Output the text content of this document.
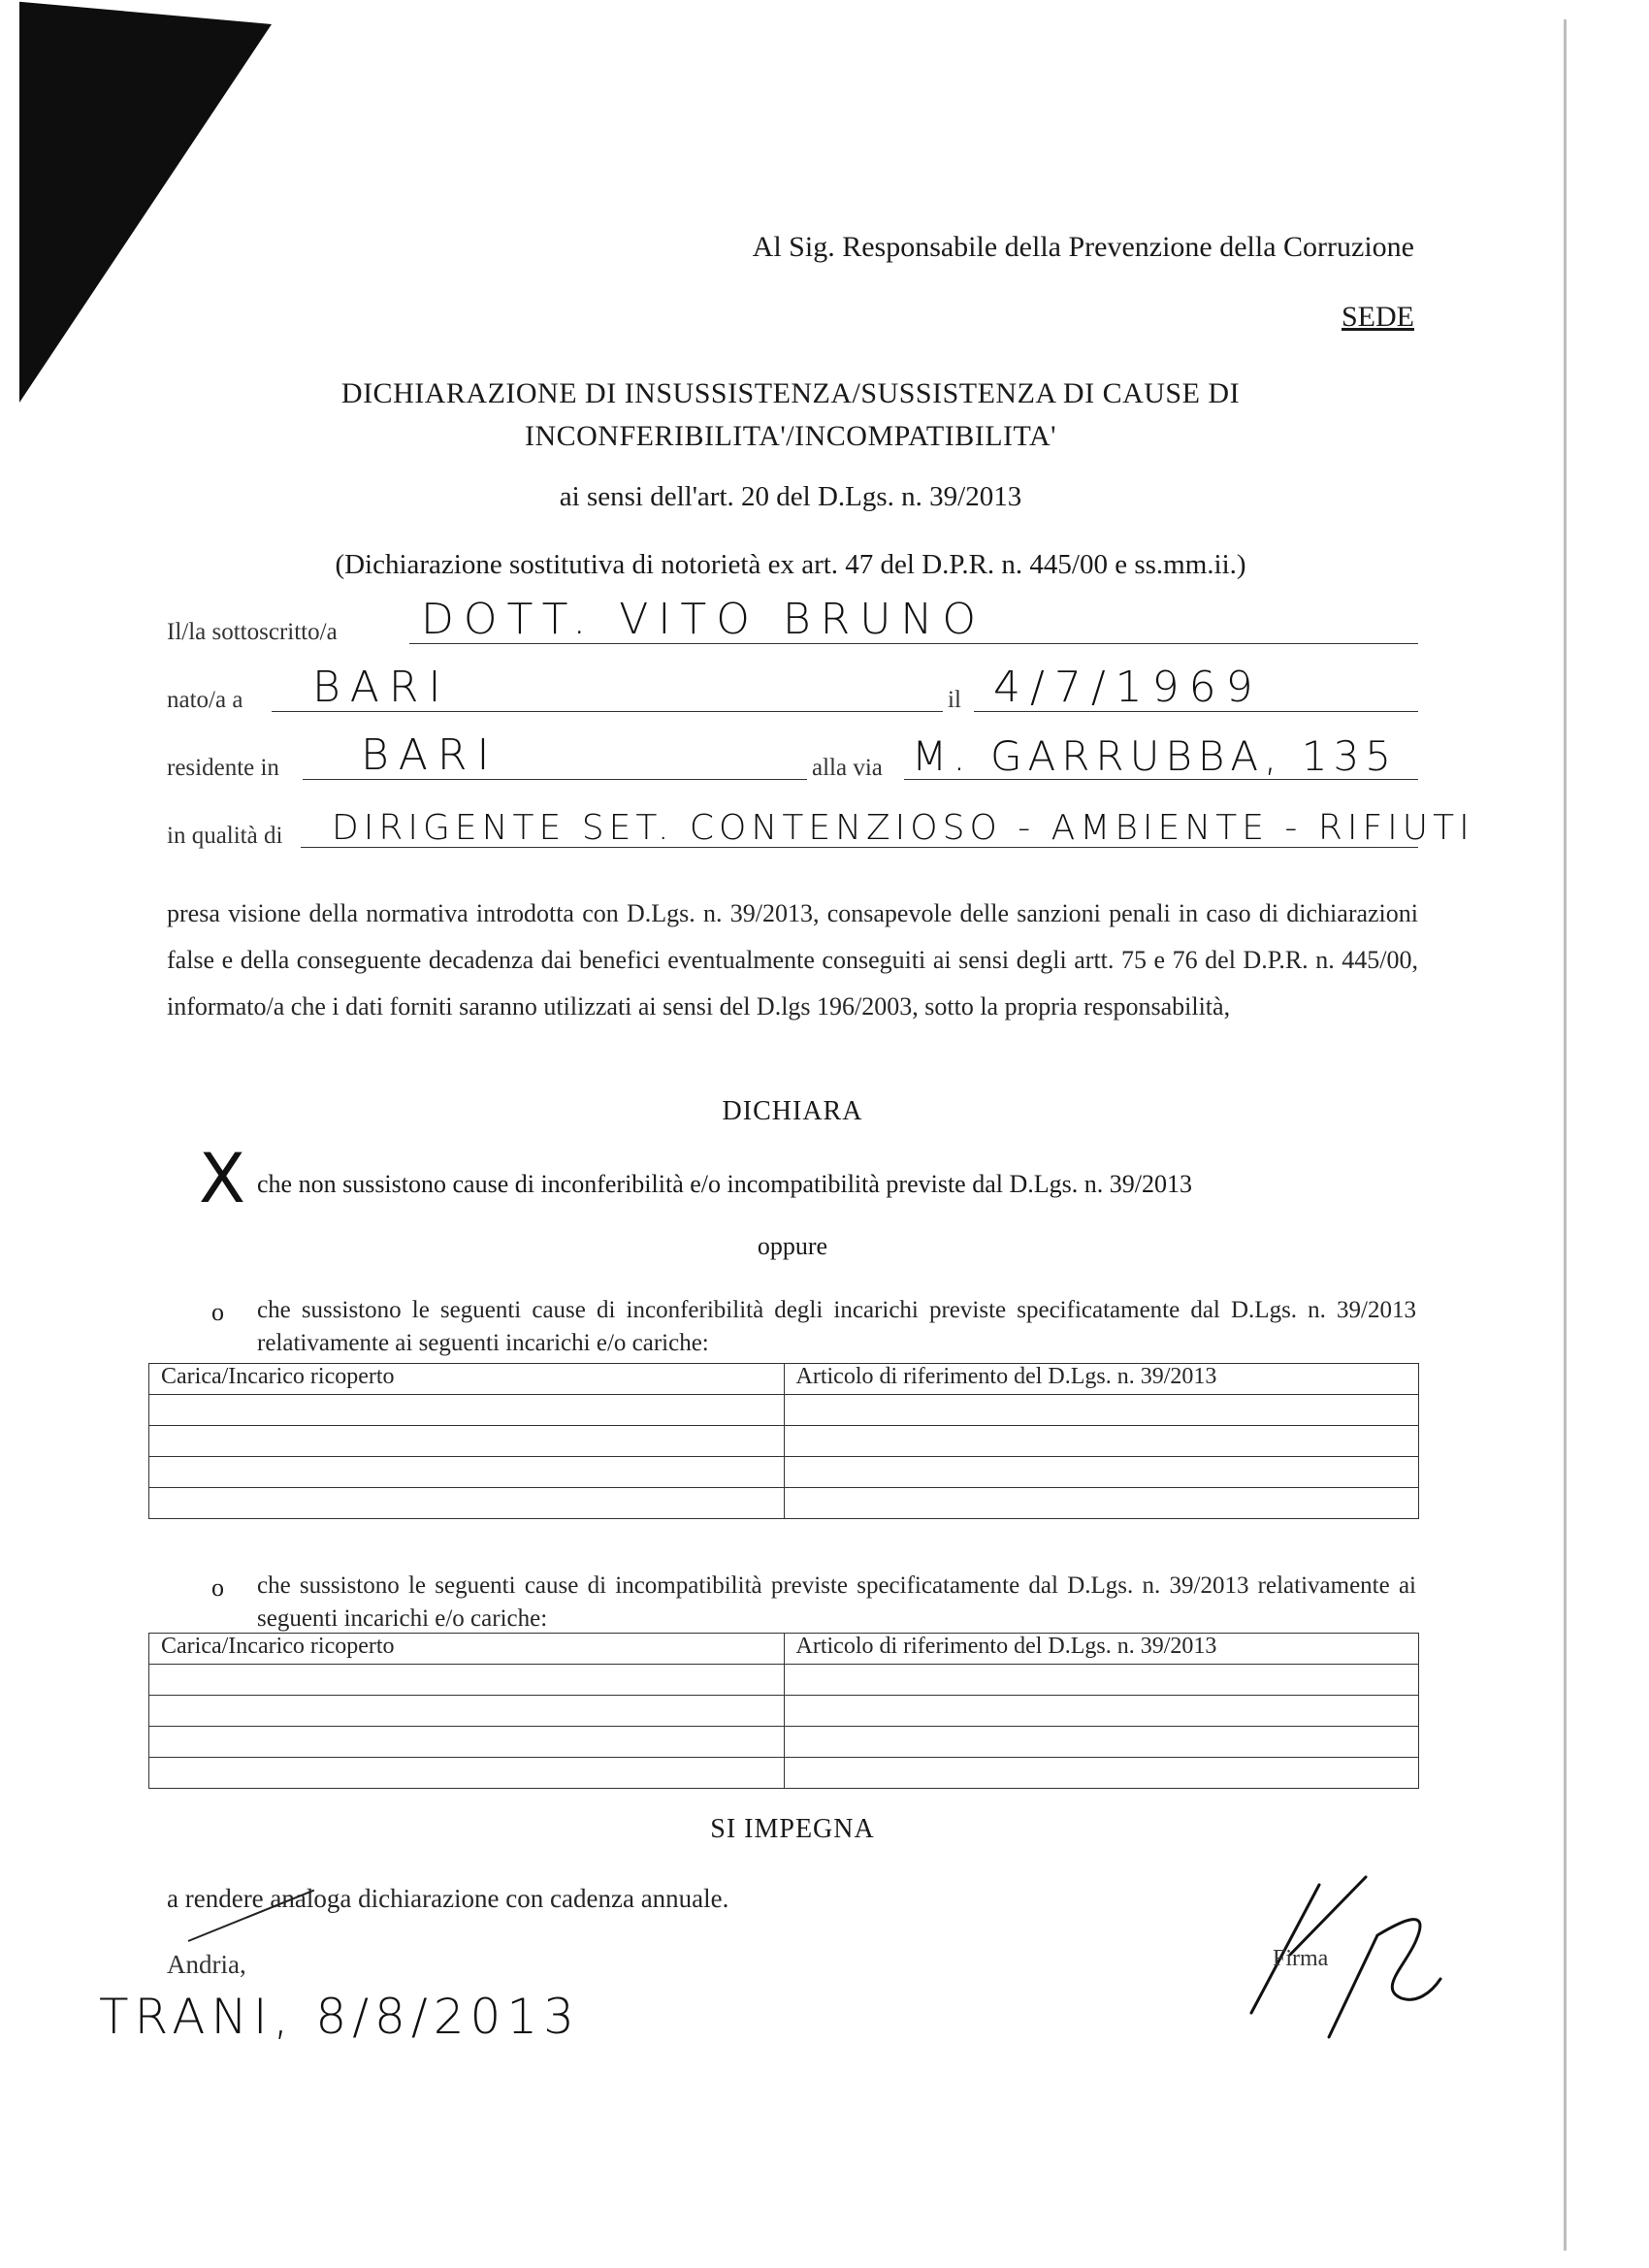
Al Sig. Responsabile della Prevenzione della Corruzione
SEDE
DICHIARAZIONE DI INSUSSISTENZA/SUSSISTENZA DI CAUSE DI
INCONFERIBILITA'/INCOMPATIBILITA'
ai sensi dell'art. 20 del D.Lgs. n. 39/2013
(Dichiarazione sostitutiva di notorietà ex art. 47 del D.P.R. n. 445/00 e ss.mm.ii.)
Il/la sottoscritto/a DOTT. VITO BRUNO
nato/a a BARI	il 4/7/1969
residente in BARI	alla via M. GARRUBBA, 135
in qualità di DIRIGENTE SET. CONTENZIOSO - AMBIENTE - RIFIUTI
presa visione della normativa introdotta con D.Lgs. n. 39/2013, consapevole delle sanzioni penali in caso di dichiarazioni false e della conseguente decadenza dai benefici eventualmente conseguiti ai sensi degli artt. 75 e 76 del D.P.R. n. 445/00, informato/a che i dati forniti saranno utilizzati ai sensi del D.lgs 196/2003, sotto la propria responsabilità,
DICHIARA
X che non sussistono cause di inconferibilità e/o incompatibilità previste dal D.Lgs. n. 39/2013
oppure
o che sussistono le seguenti cause di inconferibilità degli incarichi previste specificatamente dal D.Lgs. n. 39/2013 relativamente ai seguenti incarichi e/o cariche:
Carica/Incarico ricoperto	Articolo di riferimento del D.Lgs. n. 39/2013

o che sussistono le seguenti cause di incompatibilità previste specificatamente dal D.Lgs. n. 39/2013 relativamente ai seguenti incarichi e/o cariche:
Carica/Incarico ricoperto	Articolo di riferimento del D.Lgs. n. 39/2013

SI IMPEGNA
a rendere analoga dichiarazione con cadenza annuale.
Andria,
TRANI, 8/8/2013
Firma
